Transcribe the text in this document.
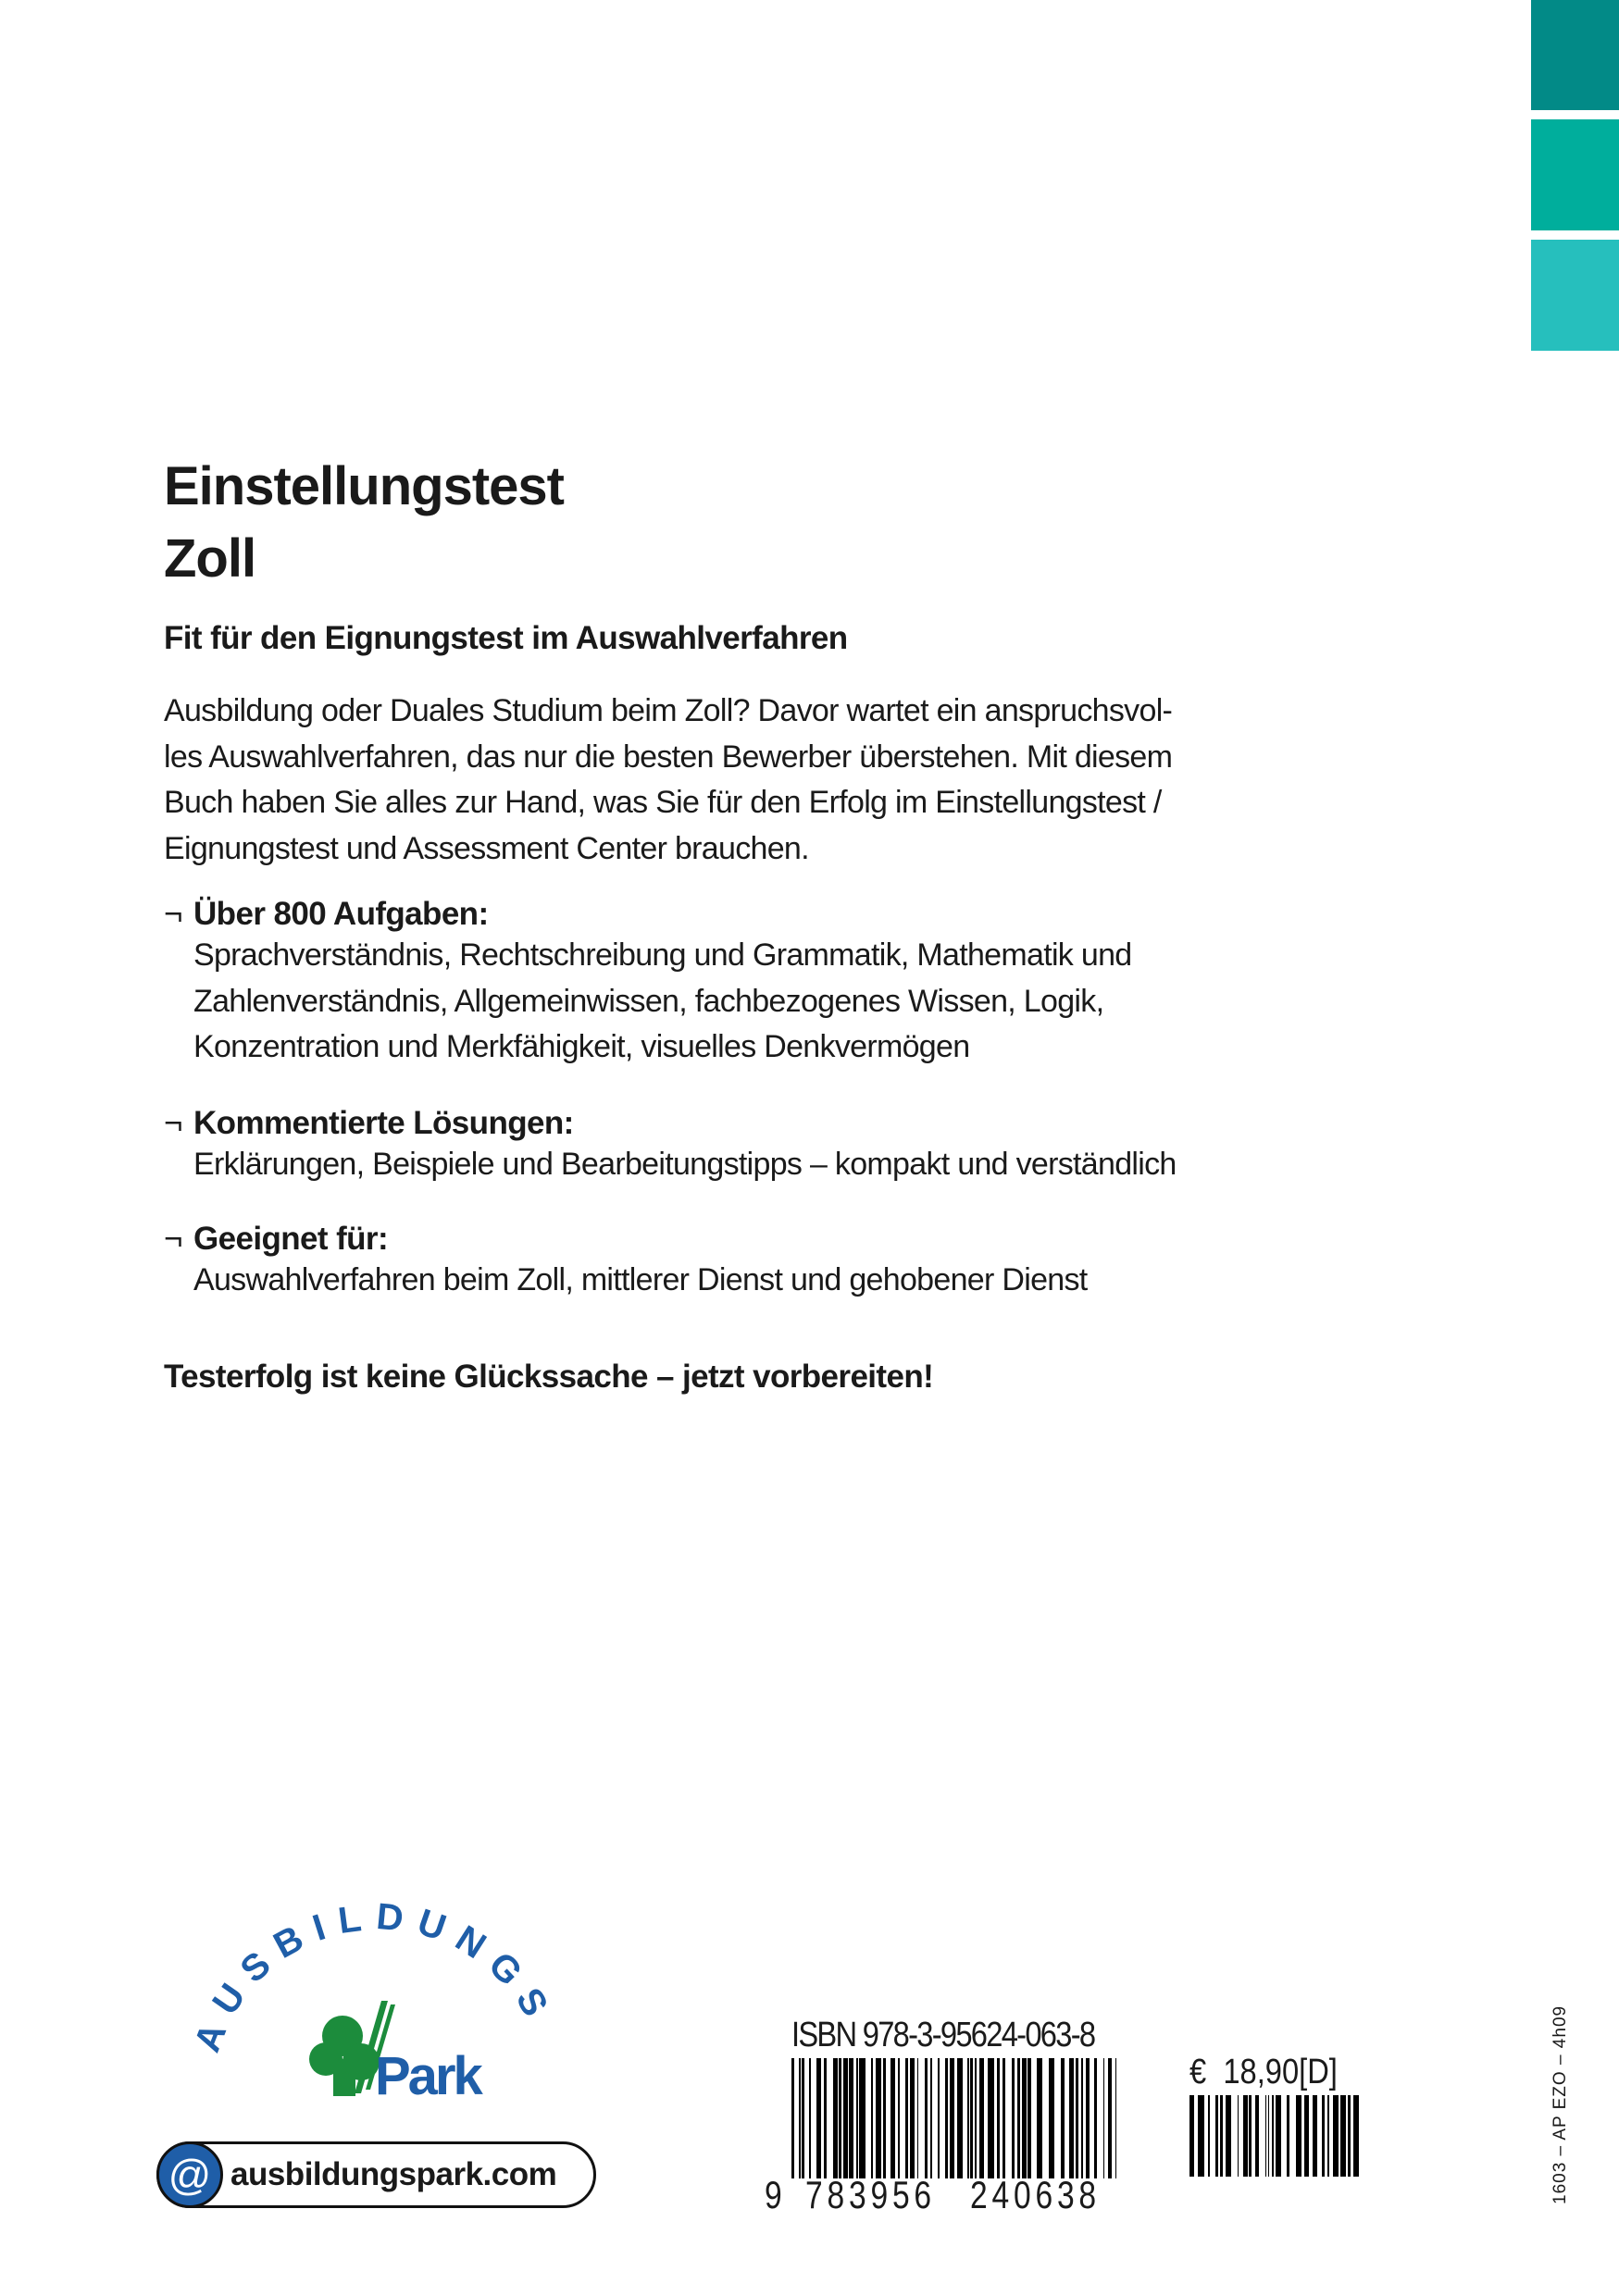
Einstellungstest
Zoll
Fit für den Eignungstest im Auswahlverfahren
Ausbildung oder Duales Studium beim Zoll? Davor wartet ein anspruchsvol-
les Auswahlverfahren, das nur die besten Bewerber überstehen. Mit diesem
Buch haben Sie alles zur Hand, was Sie für den Erfolg im Einstellungstest /
Eignungstest und Assessment Center brauchen.
¬ Über 800 Aufgaben:
Sprachverständnis, Rechtschreibung und Grammatik, Mathematik und
Zahlenverständnis, Allgemeinwissen, fachbezogenes Wissen, Logik,
Konzentration und Merkfähigkeit, visuelles Denkvermögen
¬ Kommentierte Lösungen:
Erklärungen, Beispiele und Bearbeitungstipps – kompakt und verständlich
¬ Geeignet für:
Auswahlverfahren beim Zoll, mittlerer Dienst und gehobener Dienst
Testerfolg ist keine Glückssache – jetzt vorbereiten!
Park
AUSBILDUNGS
@ ausbildungspark.com
ISBN 978-3-95624-063-8
9 783956 240638
€ 18,90[D]	1603 – AP EZO – 4h09
